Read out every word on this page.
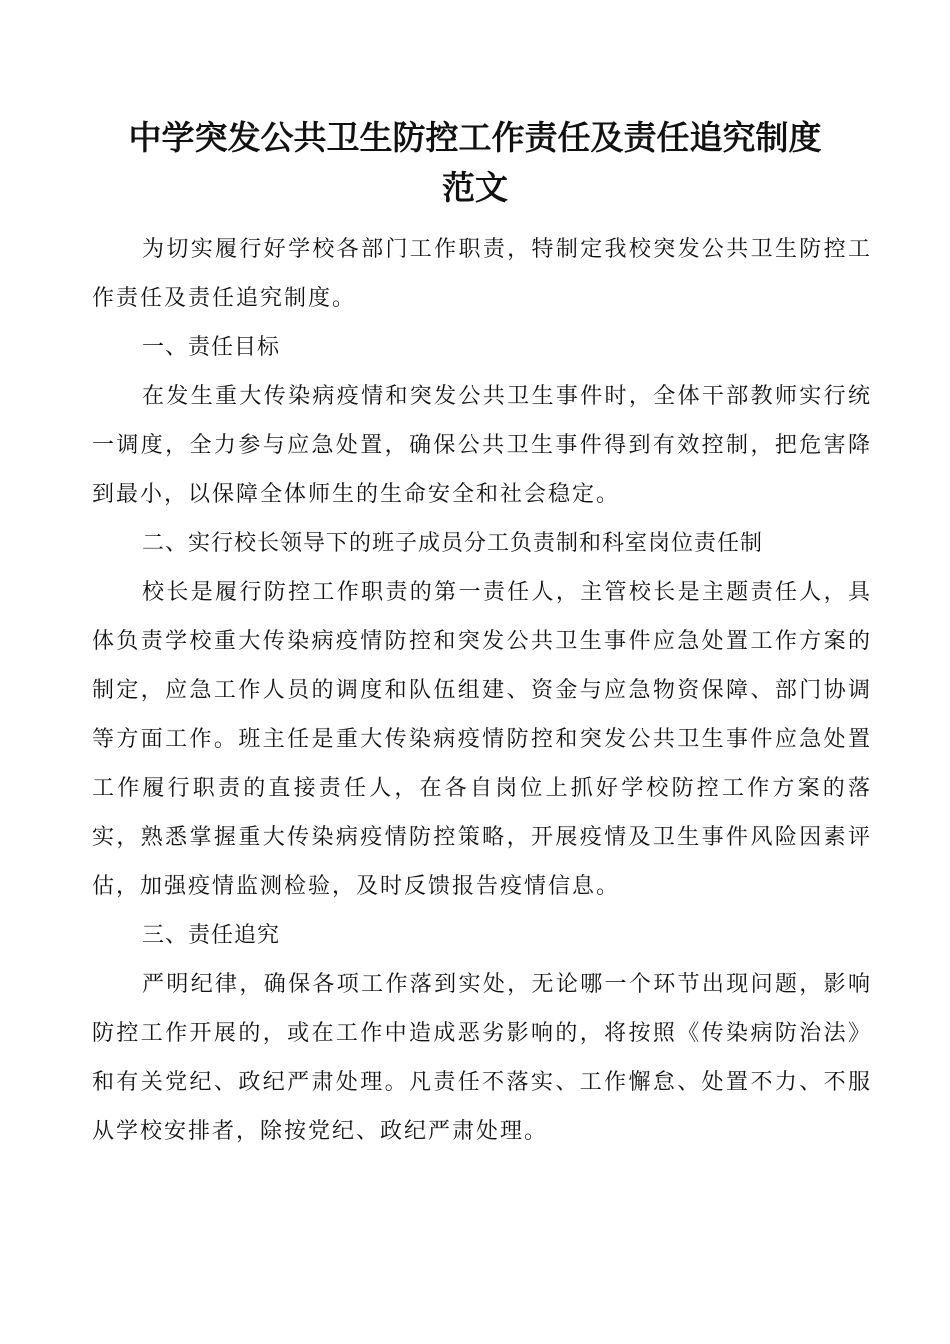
中学突发公共卫生防控工作责任及责任追究制度
范文

为切实履行好学校各部门工作职责，特制定我校突发公共卫生防控工作责任及责任追究制度。

一、责任目标

在发生重大传染病疫情和突发公共卫生事件时，全体干部教师实行统一调度，全力参与应急处置，确保公共卫生事件得到有效控制，把危害降到最小，以保障全体师生的生命安全和社会稳定。

二、实行校长领导下的班子成员分工负责制和科室岗位责任制

校长是履行防控工作职责的第一责任人，主管校长是主题责任人，具体负责学校重大传染病疫情防控和突发公共卫生事件应急处置工作方案的制定，应急工作人员的调度和队伍组建、资金与应急物资保障、部门协调等方面工作。班主任是重大传染病疫情防控和突发公共卫生事件应急处置工作履行职责的直接责任人，在各自岗位上抓好学校防控工作方案的落实，熟悉掌握重大传染病疫情防控策略，开展疫情及卫生事件风险因素评估，加强疫情监测检验，及时反馈报告疫情信息。

三、责任追究

严明纪律，确保各项工作落到实处，无论哪一个环节出现问题，影响防控工作开展的，或在工作中造成恶劣影响的，将按照《传染病防治法》和有关党纪、政纪严肃处理。凡责任不落实、工作懈怠、处置不力、不服从学校安排者，除按党纪、政纪严肃处理。
